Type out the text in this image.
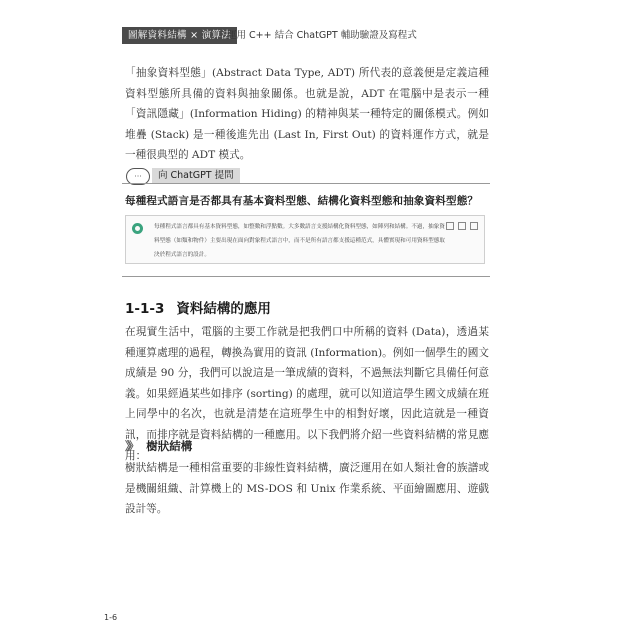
圖解資料結構 × 演算法
運用 C++ 結合 ChatGPT 輔助驗證及寫程式

「抽象資料型態」(Abstract Data Type, ADT) 所代表的意義便是定義這種資料型態所具備的資料與抽象關係。也就是說，ADT 在電腦中是表示一種「資訊隱藏」(Information Hiding) 的精神與某一種特定的關係模式。例如堆疊 (Stack) 是一種後進先出 (Last In, First Out) 的資料運作方式，就是一種很典型的 ADT 模式。

···	向 ChatGPT 提問
每種程式語言是否都具有基本資料型態、結構化資料型態和抽象資料型態？

每種程式語言都具有基本資料型態，如整數和浮點數。大多數語言支援結構化資料型態，如陣列和結構。不過，抽象資料型態（如類和物件）主要出現在面向對象程式語言中，而不是所有語言都支援這種范式，具體實現和可用資料型態取決於程式語言的設計。

1-1-3 資料結構的應用

在現實生活中，電腦的主要工作就是把我們口中所稱的資料 (Data)，透過某種運算處理的過程，轉換為實用的資訊 (Information)。例如一個學生的國文成績是 90 分，我們可以說這是一筆成績的資料，不過無法判斷它具備任何意義。如果經過某些如排序 (sorting) 的處理，就可以知道這學生國文成績在班上同學中的名次，也就是清楚在這班學生中的相對好壞，因此這就是一種資訊，而排序就是資料結構的一種應用。以下我們將介紹一些資料結構的常見應用：

》》 樹狀結構

樹狀結構是一種相當重要的非線性資料結構，廣泛運用在如人類社會的族譜或是機關組織、計算機上的 MS-DOS 和 Unix 作業系統、平面繪圖應用、遊戲設計等。

1-6
